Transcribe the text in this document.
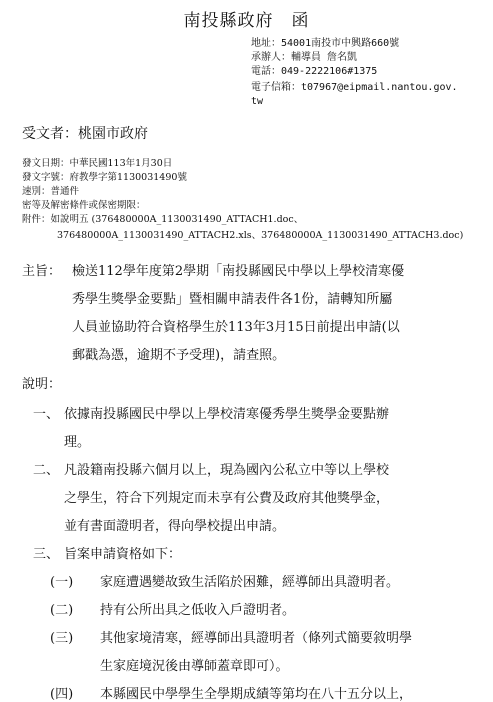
南投縣政府　函
地址：54001南投市中興路660號
承辦人：輔導員 詹名凱
電話：049-2222106#1375
電子信箱：t07967@eipmail.nantou.gov.
tw
受文者：桃園市政府
發文日期：中華民國113年1月30日
發文字號：府教學字第1130031490號
速別：普通件
密等及解密條件或保密期限：
附件：如說明五 (376480000A_1130031490_ATTACH1.doc、
376480000A_1130031490_ATTACH2.xls、376480000A_1130031490_ATTACH3.doc)
主旨： 檢送112學年度第2學期「南投縣國民中學以上學校清寒優
秀學生獎學金要點」暨相關申請表件各1份，請轉知所屬
人員並協助符合資格學生於113年3月15日前提出申請(以
郵戳為憑，逾期不予受理)，請查照。
說明：
一、 依據南投縣國民中學以上學校清寒優秀學生獎學金要點辦
理。
二、 凡設籍南投縣六個月以上，現為國內公私立中等以上學校
之學生，符合下列規定而未享有公費及政府其他獎學金，
並有書面證明者，得向學校提出申請。
三、 旨案申請資格如下：
(一) 家庭遭遇變故致生活陷於困難，經導師出具證明者。
(二) 持有公所出具之低收入戶證明者。
(三) 其他家境清寒，經導師出具證明者（條列式簡要敘明學
生家庭境況後由導師蓋章即可）。
(四) 本縣國民中學學生全學期成績等第均在八十五分以上，
